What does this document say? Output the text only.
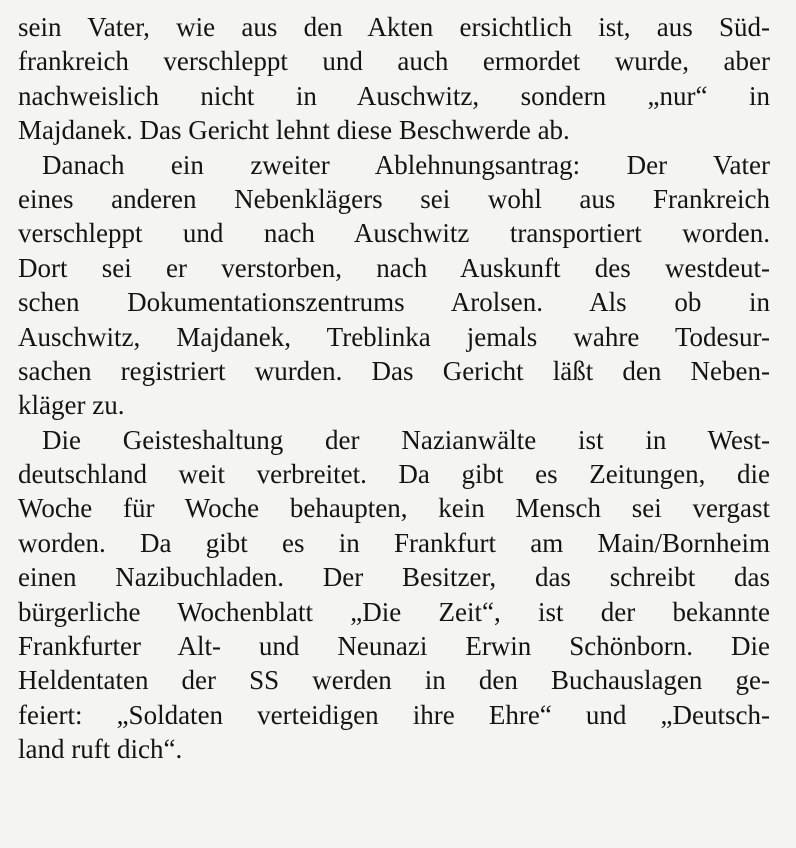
sein Vater, wie aus den Akten ersichtlich ist, aus Süd-
frankreich verschleppt und auch ermordet wurde, aber
nachweislich nicht in Auschwitz, sondern „nur“ in
Majdanek. Das Gericht lehnt diese Beschwerde ab.
Danach ein zweiter Ablehnungsantrag: Der Vater
eines anderen Nebenklägers sei wohl aus Frankreich
verschleppt und nach Auschwitz transportiert worden.
Dort sei er verstorben, nach Auskunft des westdeut-
schen Dokumentationszentrums Arolsen. Als ob in
Auschwitz, Majdanek, Treblinka jemals wahre Todesur-
sachen registriert wurden. Das Gericht läßt den Neben-
kläger zu.
Die Geisteshaltung der Nazianwälte ist in West-
deutschland weit verbreitet. Da gibt es Zeitungen, die
Woche für Woche behaupten, kein Mensch sei vergast
worden. Da gibt es in Frankfurt am Main/Bornheim
einen Nazibuchladen. Der Besitzer, das schreibt das
bürgerliche Wochenblatt „Die Zeit“, ist der bekannte
Frankfurter Alt- und Neunazi Erwin Schönborn. Die
Heldentaten der SS werden in den Buchauslagen ge-
feiert: „Soldaten verteidigen ihre Ehre“ und „Deutsch-
land ruft dich“.
